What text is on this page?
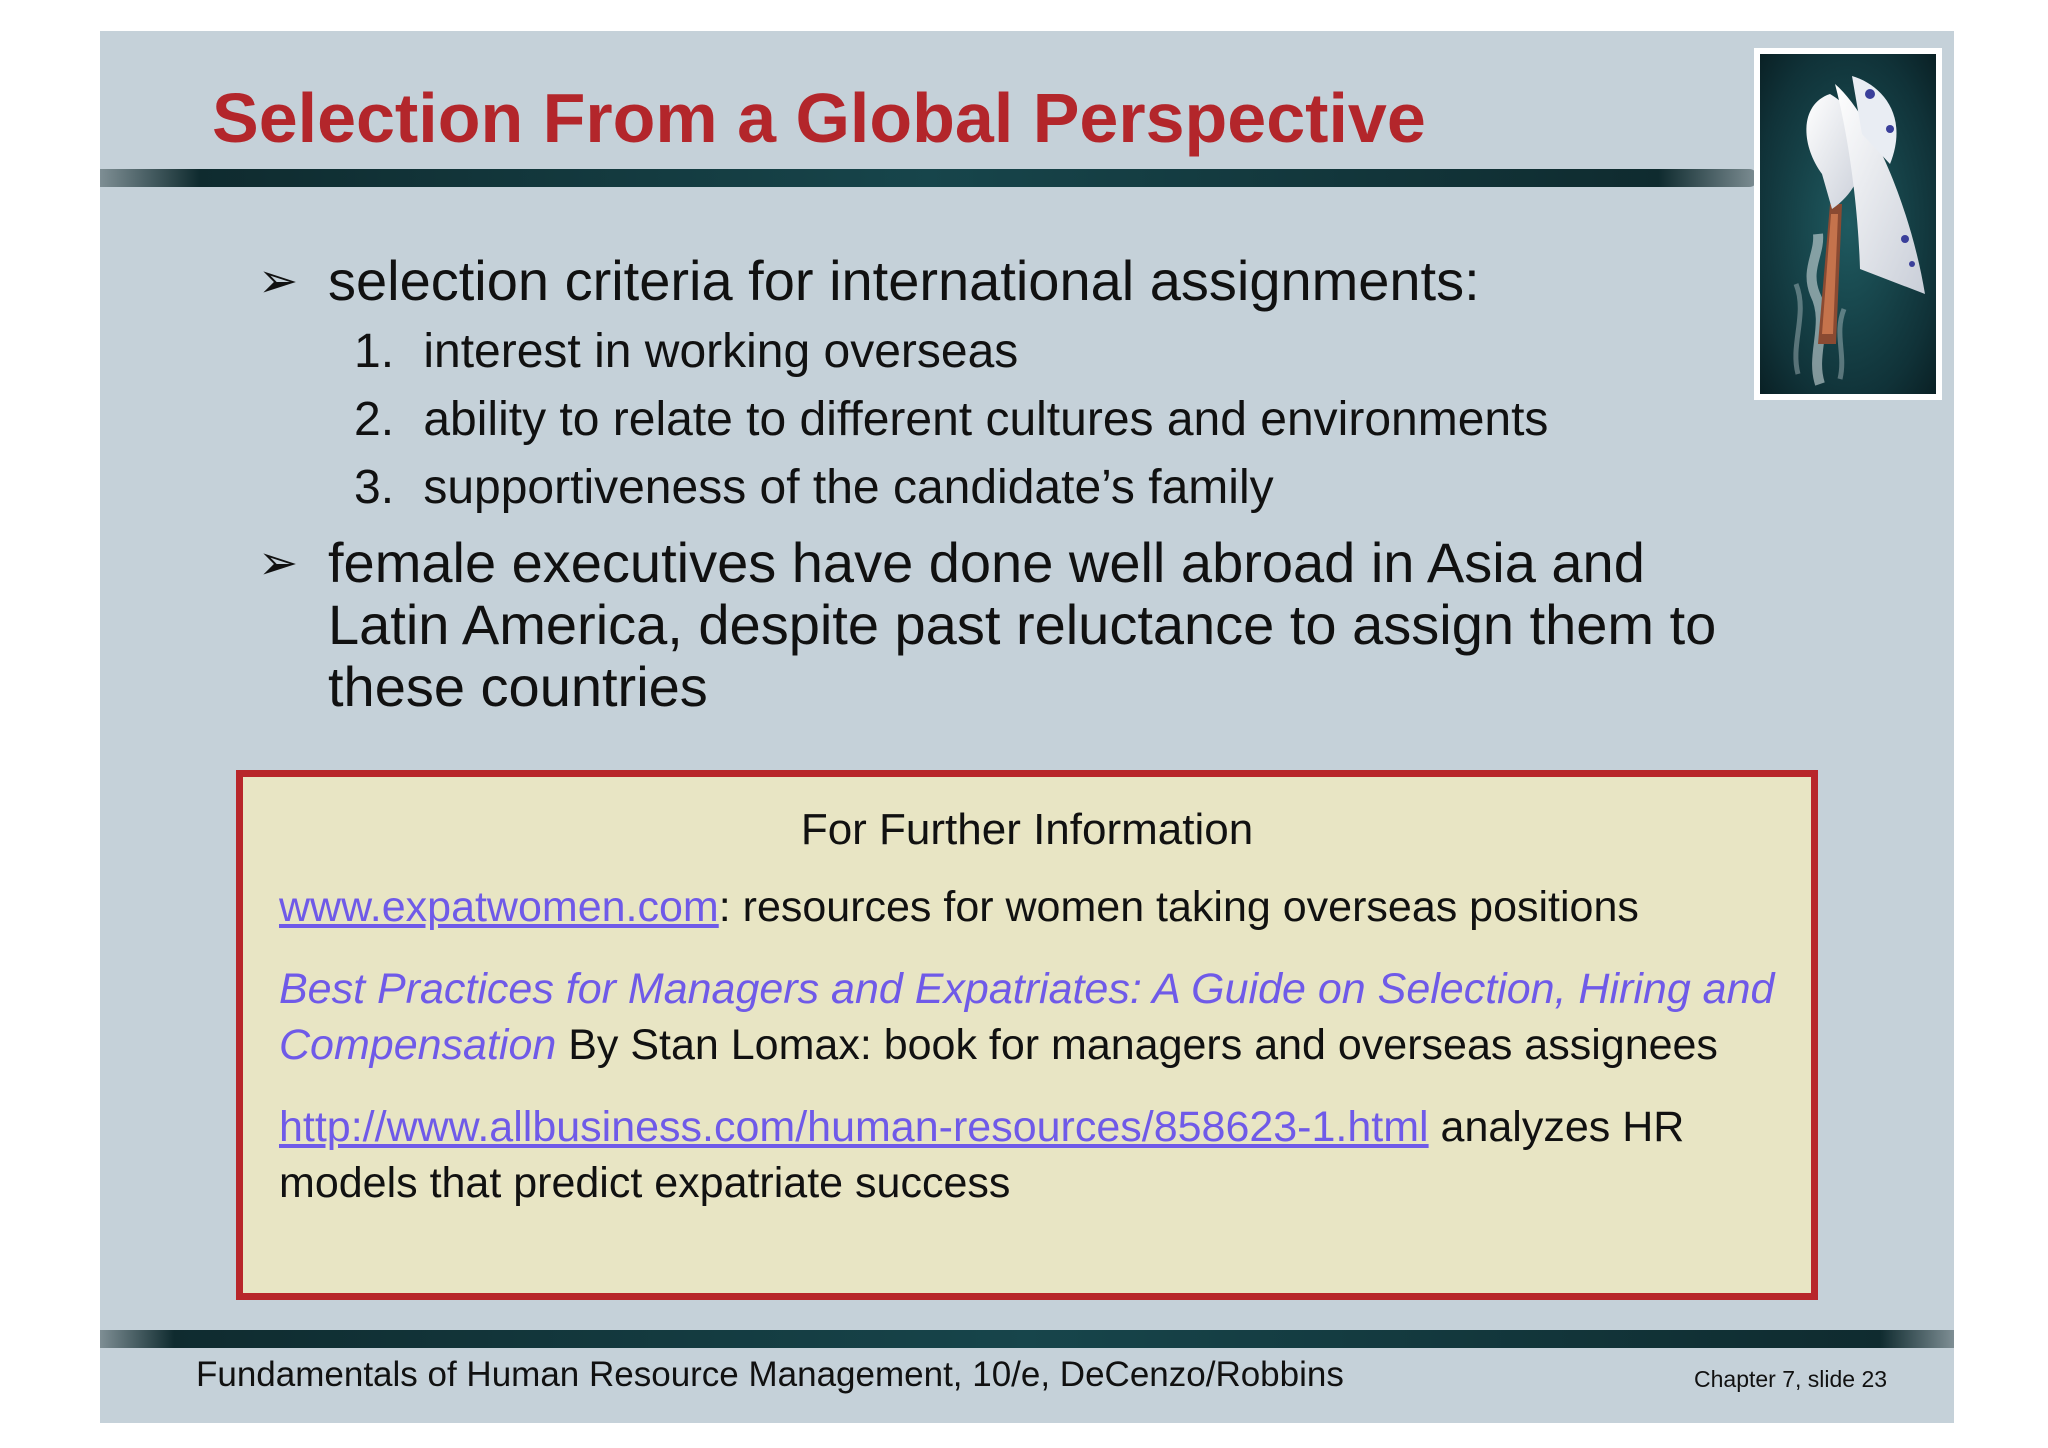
Selection From a Global Perspective
➢ selection criteria for international assignments:
1. interest in working overseas
2. ability to relate to different cultures and environments
3. supportiveness of the candidate’s family
➢ female executives have done well abroad in Asia and Latin America, despite past reluctance to assign them to these countries

For Further Information

www.expatwomen.com: resources for women taking overseas positions

Best Practices for Managers and Expatriates: A Guide on Selection, Hiring and Compensation By Stan Lomax: book for managers and overseas assignees

http://www.allbusiness.com/human-resources/858623-1.html analyzes HR models that predict expatriate success

Fundamentals of Human Resource Management, 10/e, DeCenzo/Robbins	Chapter 7, slide 23
